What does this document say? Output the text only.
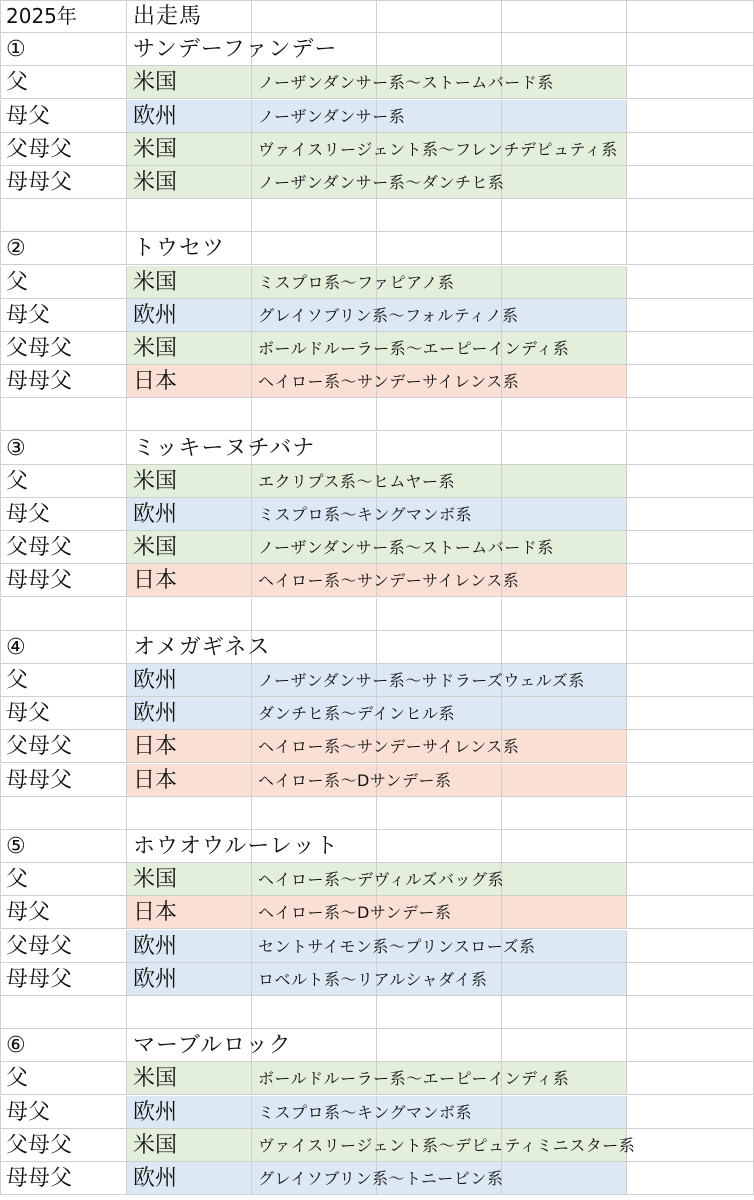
2025年	出走馬
①	サンデーファンデー
父	米国	ノーザンダンサー系〜ストームバード系
母父	欧州	ノーザンダンサー系
父母父	米国	ヴァイスリージェント系〜フレンチデピュティ系
母母父	米国	ノーザンダンサー系〜ダンチヒ系
②	トウセツ
父	米国	ミスプロ系〜ファピアノ系
母父	欧州	グレイソブリン系〜フォルティノ系
父母父	米国	ボールドルーラー系〜エーピーインディ系
母母父	日本	ヘイロー系〜サンデーサイレンス系
③	ミッキーヌチバナ
父	米国	エクリプス系〜ヒムヤー系
母父	欧州	ミスプロ系〜キングマンボ系
父母父	米国	ノーザンダンサー系〜ストームバード系
母母父	日本	ヘイロー系〜サンデーサイレンス系
④	オメガギネス
父	欧州	ノーザンダンサー系〜サドラーズウェルズ系
母父	欧州	ダンチヒ系〜デインヒル系
父母父	日本	ヘイロー系〜サンデーサイレンス系
母母父	日本	ヘイロー系〜Dサンデー系
⑤	ホウオウルーレット
父	米国	ヘイロー系〜デヴィルズバッグ系
母父	日本	ヘイロー系〜Dサンデー系
父母父	欧州	セントサイモン系〜プリンスローズ系
母母父	欧州	ロベルト系〜リアルシャダイ系
⑥	マーブルロック
父	米国	ボールドルーラー系〜エーピーインディ系
母父	欧州	ミスプロ系〜キングマンボ系
父母父	米国	ヴァイスリージェント系〜デピュティミニスター系
母母父	欧州	グレイソブリン系〜トニービン系
